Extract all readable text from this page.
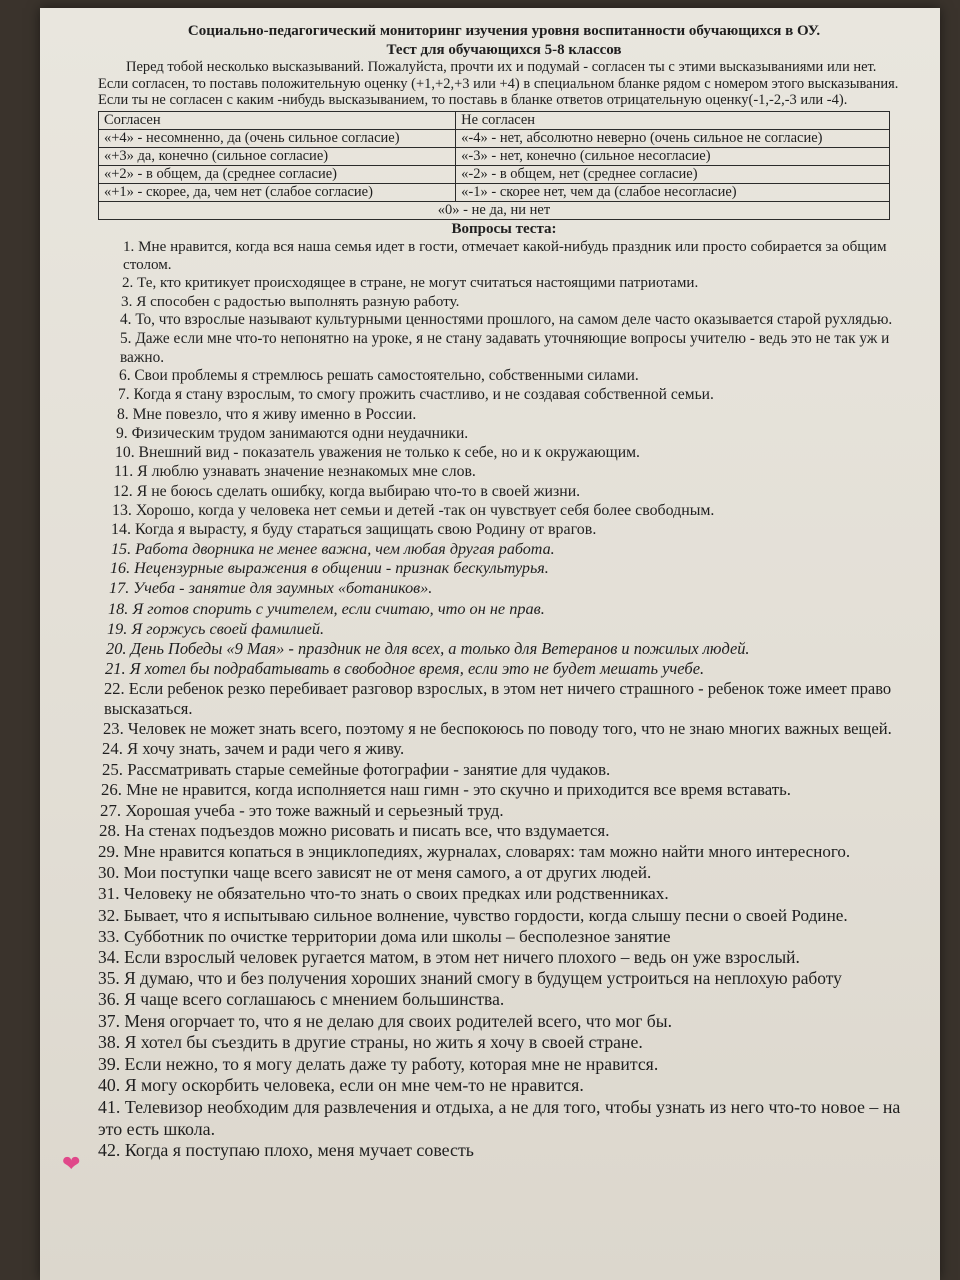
Социально-педагогический мониторинг изучения уровня воспитанности обучающихся в ОУ.

Тест для обучающихся 5-8 классов

Перед тобой несколько высказываний. Пожалуйста, прочти их и подумай - согласен ты с этими высказываниями или нет. Если согласен, то поставь положительную оценку (+1,+2,+3 или +4) в специальном бланке рядом с номером этого высказывания. Если ты не согласен с каким -нибудь высказыванием, то поставь в бланке ответов отрицательную оценку(-1,-2,-3 или -4).

Согласен	Не согласен
«+4» - несомненно, да (очень сильное согласие)	«-4» - нет, абсолютно неверно (очень сильное не согласие)
«+3» да, конечно (сильное согласие)	«-3» - нет, конечно (сильное несогласие)
«+2» - в общем, да (среднее согласие)	«-2» - в общем, нет (среднее согласие)
«+1» - скорее, да, чем нет (слабое согласие)	«-1» - скорее нет, чем да (слабое несогласие)
«0» - не да, ни нет	

Вопросы теста:

1. Мне нравится, когда вся наша семья идет в гости, отмечает какой-нибудь праздник или просто собирается за общим столом.
2. Те, кто критикует происходящее в стране, не могут считаться настоящими патриотами.
3. Я способен с радостью выполнять разную работу.
4. То, что взрослые называют культурными ценностями прошлого, на самом деле часто оказывается старой рухлядью.
5. Даже если мне что-то непонятно на уроке, я не стану задавать уточняющие вопросы учителю - ведь это не так уж и важно.
6. Свои проблемы я стремлюсь решать самостоятельно, собственными силами.
7. Когда я стану взрослым, то смогу прожить счастливо, и не создавая собственной семьи.
8. Мне повезло, что я живу именно в России.
9. Физическим трудом занимаются одни неудачники.
10. Внешний вид - показатель уважения не только к себе, но и к окружающим.
11. Я люблю узнавать значение незнакомых мне слов.
12. Я не боюсь сделать ошибку, когда выбираю что-то в своей жизни.
13. Хорошо, когда у человека нет семьи и детей -так он чувствует себя более свободным.
14. Когда я вырасту, я буду стараться защищать свою Родину от врагов.
15. Работа дворника не менее важна, чем любая другая работа.
16. Нецензурные выражения в общении - признак бескультурья.
17. Учеба - занятие для заумных «ботаников».
18. Я готов спорить с учителем, если считаю, что он не прав.
19. Я горжусь своей фамилией.
20. День Победы «9 Мая» - праздник не для всех, а только для Ветеранов и пожилых людей.
21. Я хотел бы подрабатывать в свободное время, если это не будет мешать учебе.
22. Если ребенок резко перебивает разговор взрослых, в этом нет ничего страшного - ребенок тоже имеет право высказаться.
23. Человек не может знать всего, поэтому я не беспокоюсь по поводу того, что не знаю многих важных вещей.
24. Я хочу знать, зачем и ради чего я живу.
25. Рассматривать старые семейные фотографии - занятие для чудаков.
26. Мне не нравится, когда исполняется наш гимн - это скучно и приходится все время вставать.
27. Хорошая учеба - это тоже важный и серьезный труд.
28. На стенах подъездов можно рисовать и писать все, что вздумается.
29. Мне нравится копаться в энциклопедиях, журналах, словарях: там можно найти много интересного.
30. Мои поступки чаще всего зависят не от меня самого, а от других людей.
31. Человеку не обязательно что-то знать о своих предках или родственниках.
32. Бывает, что я испытываю сильное волнение, чувство гордости, когда слышу песни о своей Родине.
33. Субботник по очистке территории дома или школы – бесполезное занятие
34. Если взрослый человек ругается матом, в этом нет ничего плохого – ведь он уже взрослый.
35. Я думаю, что и без получения хороших знаний смогу в будущем устроиться на неплохую работу
36. Я чаще всего соглашаюсь с мнением большинства.
37. Меня огорчает то, что я не делаю для своих родителей всего, что мог бы.
38. Я хотел бы съездить в другие страны, но жить я хочу в своей стране.
39. Если нежно, то я могу делать даже ту работу, которая мне не нравится.
40. Я могу оскорбить человека, если он мне чем-то не нравится.
41. Телевизор необходим для развлечения и отдыха, а не для того, чтобы узнать из него что-то новое – на это есть школа.
42. Когда я поступаю плохо, меня мучает совесть
❤
